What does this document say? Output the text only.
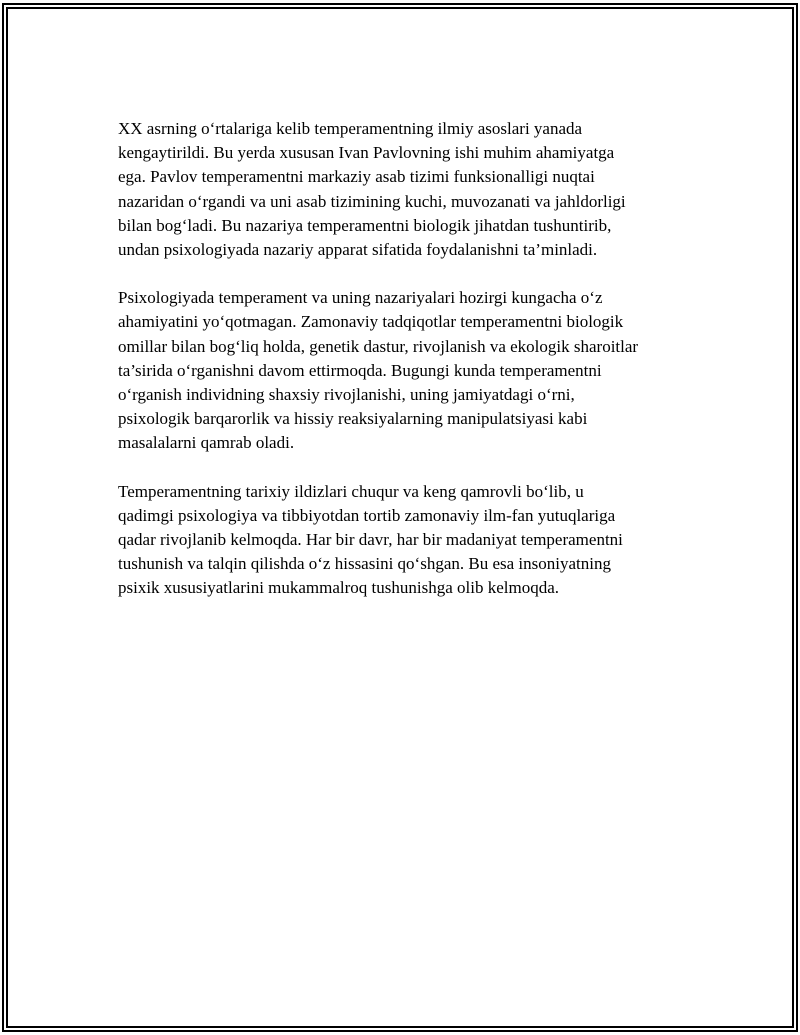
XX asrning o‘rtalariga kelib temperamentning ilmiy asoslari yanada
kengaytirildi. Bu yerda xususan Ivan Pavlovning ishi muhim ahamiyatga
ega. Pavlov temperamentni markaziy asab tizimi funksionalligi nuqtai
nazaridan o‘rgandi va uni asab tizimining kuchi, muvozanati va jahldorligi
bilan bog‘ladi. Bu nazariya temperamentni biologik jihatdan tushuntirib,
undan psixologiyada nazariy apparat sifatida foydalanishni ta’minladi.

Psixologiyada temperament va uning nazariyalari hozirgi kungacha o‘z
ahamiyatini yo‘qotmagan. Zamonaviy tadqiqotlar temperamentni biologik
omillar bilan bog‘liq holda, genetik dastur, rivojlanish va ekologik sharoitlar
ta’sirida o‘rganishni davom ettirmoqda. Bugungi kunda temperamentni
o‘rganish individning shaxsiy rivojlanishi, uning jamiyatdagi o‘rni,
psixologik barqarorlik va hissiy reaksiyalarning manipulatsiyasi kabi
masalalarni qamrab oladi.

Temperamentning tarixiy ildizlari chuqur va keng qamrovli bo‘lib, u
qadimgi psixologiya va tibbiyotdan tortib zamonaviy ilm-fan yutuqlariga
qadar rivojlanib kelmoqda. Har bir davr, har bir madaniyat temperamentni
tushunish va talqin qilishda o‘z hissasini qo‘shgan. Bu esa insoniyatning
psixik xususiyatlarini mukammalroq tushunishga olib kelmoqda.
